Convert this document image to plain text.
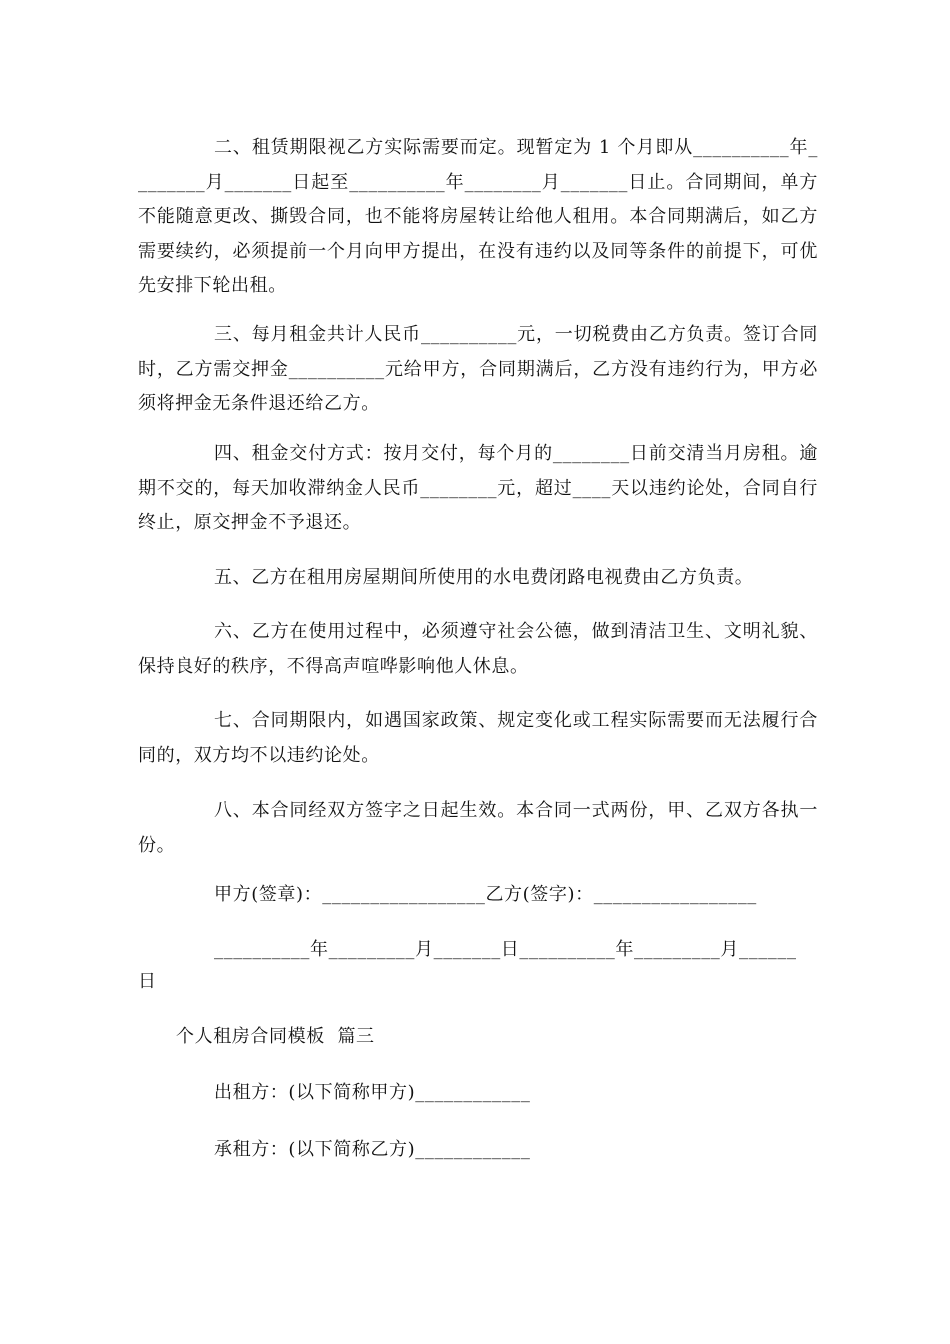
二、租赁期限视乙方实际需要而定。现暂定为 1 个月即从__________年_ _______月_______日起至__________年________月_______日止。合同期间，单方不能随意更改、撕毁合同，也不能将房屋转让给他人租用。本合同期满后，如乙方需要续约，必须提前一个月向甲方提出，在没有违约以及同等条件的前提下，可优先安排下轮出租。

三、每月租金共计人民币__________元，一切税费由乙方负责。签订合同时，乙方需交押金__________元给甲方，合同期满后，乙方没有违约行为，甲方必须将押金无条件退还给乙方。

四、租金交付方式：按月交付，每个月的________日前交清当月房租。逾期不交的，每天加收滞纳金人民币________元，超过____天以违约论处，合同自行终止，原交押金不予退还。

五、乙方在租用房屋期间所使用的水电费闭路电视费由乙方负责。

六、乙方在使用过程中，必须遵守社会公德，做到清洁卫生、文明礼貌、保持良好的秩序，不得高声喧哗影响他人休息。

七、合同期限内，如遇国家政策、规定变化或工程实际需要而无法履行合同的，双方均不以违约论处。

八、本合同经双方签字之日起生效。本合同一式两份，甲、乙双方各执一份。

甲方(签章)：_________________乙方(签字)：_________________

__________年_________月_______日__________年_________月______

日

个人租房合同模板  篇三

出租方：(以下简称甲方)____________

承租方：(以下简称乙方)____________
